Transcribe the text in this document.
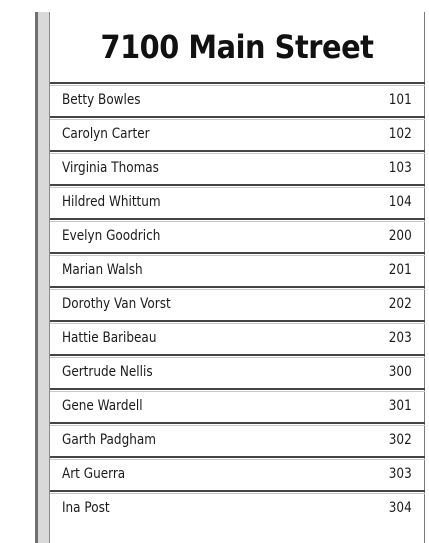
7100 Main Street
Betty Bowles	101
Carolyn Carter	102
Virginia Thomas	103
Hildred Whittum	104
Evelyn Goodrich	200
Marian Walsh	201
Dorothy Van Vorst	202
Hattie Baribeau	203
Gertrude Nellis	300
Gene Wardell	301
Garth Padgham	302
Art Guerra	303
Ina Post	304
